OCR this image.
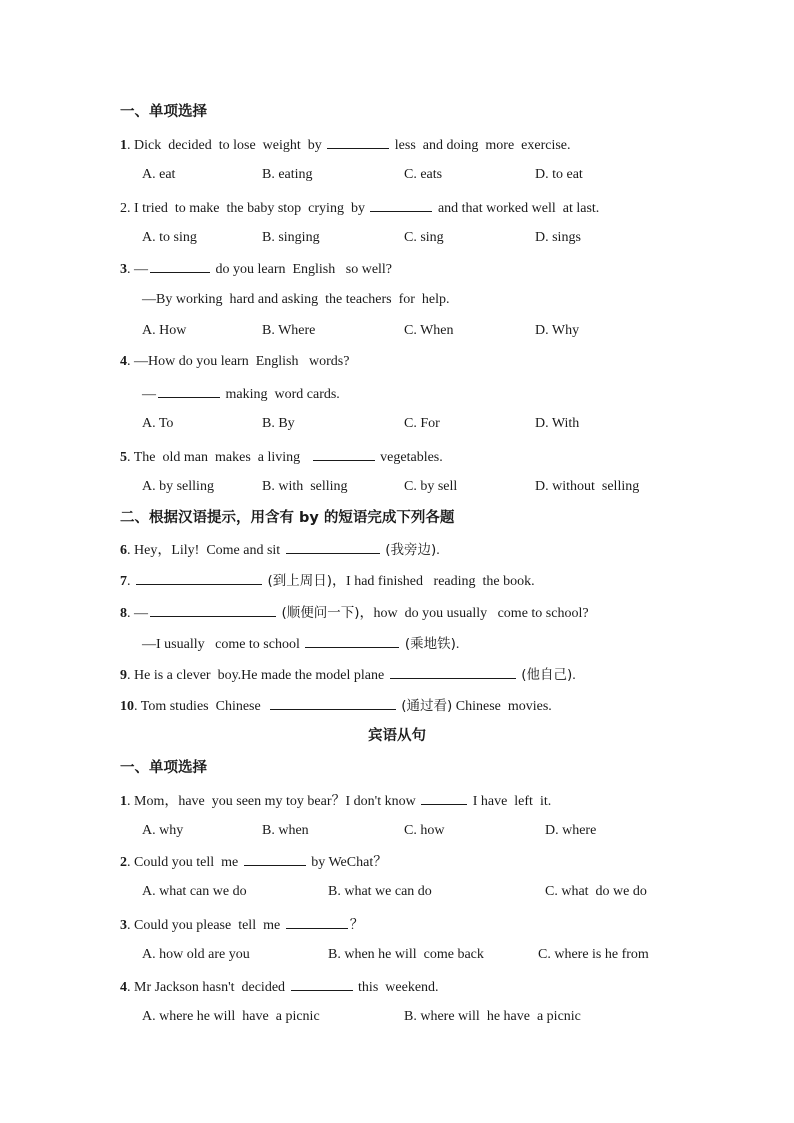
一、单项选择
1. Dick  decided  to lose  weight  by	less  and doing  more  exercise.
A. eat	B. eating	C. eats	D. to eat
2. I tried  to make  the baby stop  crying  by	and that worked well  at last.
A. to sing	B. singing	C. sing	D. sings
3. —	do you learn  English   so well?
—By working  hard and asking  the teachers  for  help.
A. How	B. Where	C. When	D. Why
4. —How do you learn  English   words?
—	making  word cards.
A. To	B. By	C. For	D. With
5. The  old man  makes  a living	vegetables.
A. by selling	B. with  selling	C. by sell	D. without  selling
二、根据汉语提示，用含有 by 的短语完成下列各题
6. Hey，Lily!  Come and sit	(我旁边).
7.	(到上周日)，I had finished   reading  the book.
8. —	(顺便问一下)，how  do you usually   come to school?
—I usually   come to school	(乘地铁).
9. He is a clever  boy.He made the model plane	(他自己).
10. Tom studies  Chinese	(通过看) Chinese  movies.
宾语从句
一、单项选择
1. Mom，have  you seen my toy bear？I don't know	I have  left  it.
A. why	B. when	C. how	D. where
2. Could you tell  me	by WeChat？
A. what can we do	B. what we can do	C. what  do we do
3. Could you please  tell  me	？
A. how old are you	B. when he will  come back	C. where is he from
4. Mr Jackson hasn't  decided	this  weekend.
A. where he will  have  a picnic	B. where will  he have  a picnic
